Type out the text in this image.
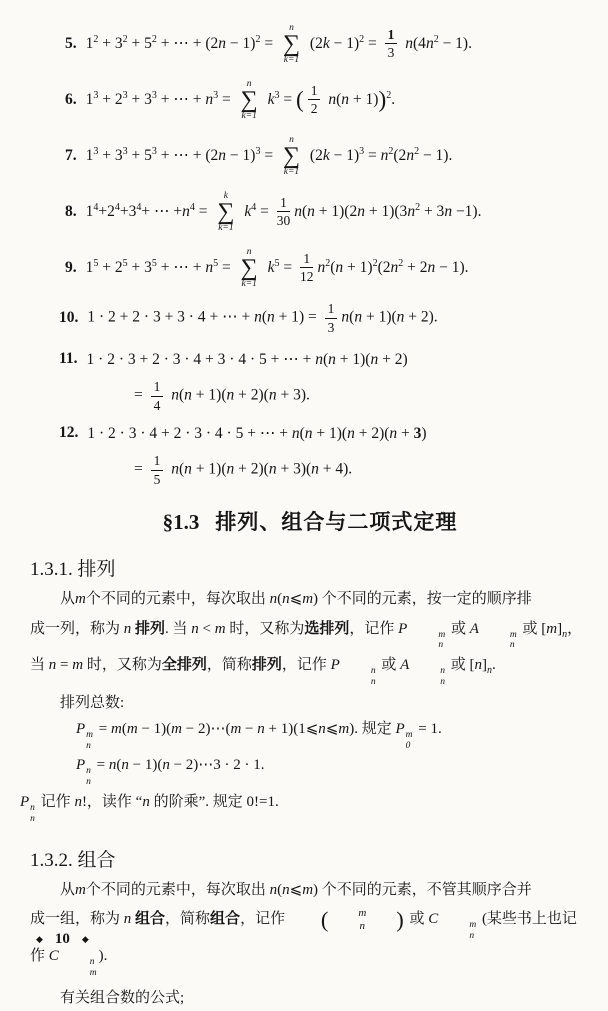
5. $1^2 + 3^2 + 5^2$ + ⋯ + $(2n - 1)^2$ =
n
∑
k=1
$(2k - 1)^2 = \frac{1}{3} n(4n^2 - 1)$.
6. $1^3 + 2^3 + 3^3$ + ⋯ + $n^3$ =
n
∑
k=1
$k^3$ = ( $\frac{1}{2} n(n + 1))^2$.
7. $1^3 + 3^3 + 5^3$ + ⋯ + $(2n - 1)^3$ =
n
∑
k=1
$(2k - 1)^3 = n^2(2n^2 - 1)$.
8. $1^4+2^4+3^4+$ ⋯ $+n^4$ =
k
∑
k=1
$k^4 = \frac{1}{30} n(n + 1)(2n + 1)(3n^2 + 3n -1)$.
9. $1^5 + 2^5 + 3^5$ + ⋯ + $n^5$ =
n
∑
k=1
$k^5 = \frac{1}{12} n^2(n + 1)^2(2n^2 + 2n - 1)$.
10. 1 · 2 + 2 · 3 + 3 · 4 + ⋯ + $n(n + 1) = \frac{1}{3} n(n + 1)(n + 2)$.
11. 1 · 2 · 3 + 2 · 3 · 4 + 3 · 4 · 5 + ⋯ + n(n + 1)(n + 2)
= $\frac{1}{4} n(n + 1)(n + 2)(n + 3)$.
12. 1 · 2 · 3 · 4 + 2 · 3 · 4 · 5 + ⋯ + n(n + 1)(n + 2)(n + 3)
= $\frac{1}{5} n(n + 1)(n + 2)(n + 3)(n + 4)$.
§1.3 排列、组合与二项式定理
1.3.1. 排列
从m个不同的元素中，每次取出 n(n⩽m) 个不同的元素，按一定的顺序排
成一列，称为 n 排列. 当 n < m 时，又称为选排列，记作 P	m
n
或 A	m
n
或 $[m]_n$，
当 n = m 时，又称为全排列，简称排列，记作 P	n
n
或 A	n
n
或 $[n]_n$.
排列总数:
P m
n
= m(m − 1)(m − 2)⋯(m − n + 1)(1⩽n⩽m). 规定 P m
0
= 1.
P n
n
= n(n − 1)(n − 2)⋯3 · 2 · 1.
P n
n
记作 n!，读作 “n 的阶乘”. 规定 0!=1.
1.3.2. 组合
从m个不同的元素中，每次取出 n(n⩽m) 个不同的元素，不管其顺序合并
成一组，称为 n 组合，简称组合，记作	(	m
n	) 或 C	m
n
(某些书上也记作 C	n
m
).
有关组合数的公式;
◆ 10 ◆
